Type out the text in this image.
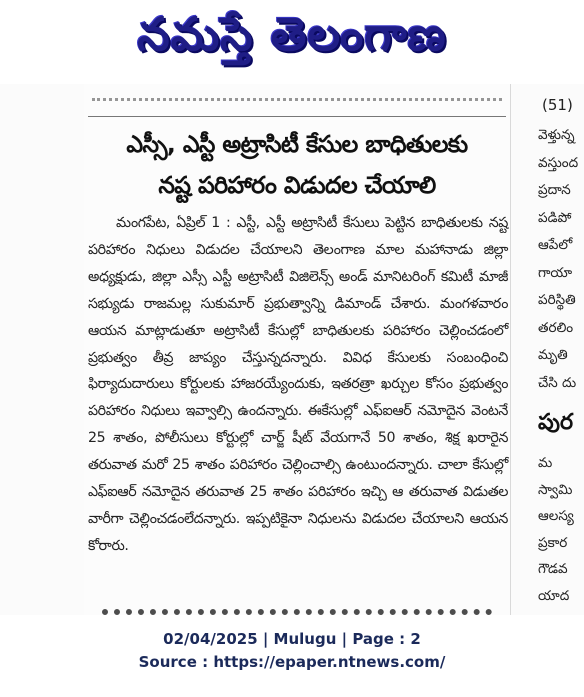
నమస్తే తెలంగాణ
ఎస్సీ, ఎస్టీ అట్రాసిటీ కేసుల బాధితులకు
నష్ట పరిహారం విడుదల చేయాలి

మంగపేట, ఏప్రిల్ 1 : ఎస్టీ, ఎస్టీ అట్రాసిటీ కేసులు పెట్టిన బాధితులకు నష్ట పరిహారం నిధులు విడుదల చేయాలని తెలంగాణ మాల మహానాడు జిల్లా అధ్యక్షుడు, జిల్లా ఎస్సీ ఎస్టీ అట్రాసిటీ విజిలెన్స్ అండ్ మానిటరింగ్ కమిటీ మాజీ సభ్యుడు రాజమల్ల సుకుమార్ ప్రభుత్వాన్ని డిమాండ్ చేశారు. మంగళవారం ఆయన మాట్లాడుతూ అట్రాసిటీ కేసుల్లో బాధితులకు పరిహారం చెల్లించడంలో ప్రభుత్వం తీవ్ర జాప్యం చేస్తున్నదన్నారు. వివిధ కేసులకు సంబంధించి ఫిర్యాదుదారులు కోర్టులకు హాజరయ్యేందుకు, ఇతరత్రా ఖర్చుల కోసం ప్రభుత్వం పరిహారం నిధులు ఇవ్వాల్సి ఉందన్నారు. ఈకేసుల్లో ఎఫ్ఐఆర్ నమోదైన వెంటనే 25 శాతం, పోలీసులు కోర్టుల్లో చార్జ్ షీట్ వేయగానే 50 శాతం, శిక్ష ఖరారైన తరువాత మరో 25 శాతం పరిహారం చెల్లించాల్సి ఉంటుందన్నారు. చాలా కేసుల్లో ఎఫ్ఐఆర్ నమోదైన తరువాత 25 శాతం పరిహారం ఇచ్చి ఆ తరువాత విడుతల వారీగా చెల్లించడంలేదన్నారు. ఇప్పటికైనా నిధులను విడుదల చేయాలని ఆయన కోరారు.

(51)
వెళ్తున్న
వస్తుంద
ప్రదాన
పడిపో
ఆపేలో
గాయా
పరిస్థితి
తరలిం
మృతి
చేసి దు
పుర
మ
స్వామి
ఆలస్య
ప్రకార
గౌడవ
యాద
02/04/2025 | Mulugu | Page : 2
Source : https://epaper.ntnews.com/
